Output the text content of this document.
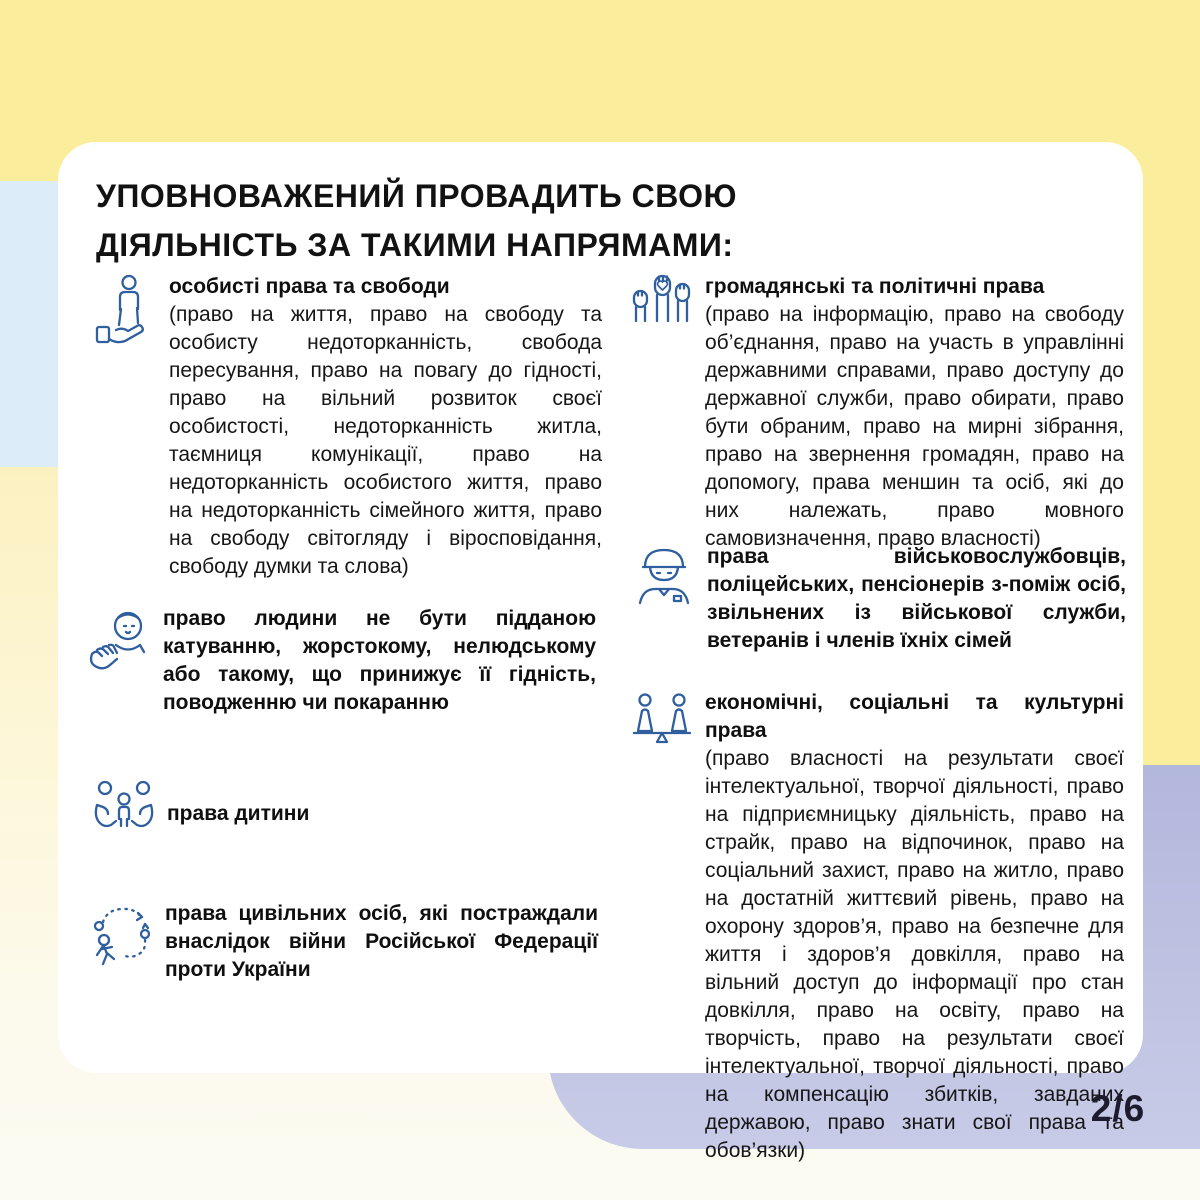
УПОВНОВАЖЕНИЙ ПРОВАДИТЬ СВОЮ
ДІЯЛЬНІСТЬ ЗА ТАКИМИ НАПРЯМАМИ:
особисті права та свободи
(право на життя, право на свободу та особисту недоторканність, свобода пересування, право на повагу до гідності, право на вільний розвиток своєї особистості, недоторканність житла, таємниця комунікації, право на недоторканність особистого життя, право на недоторканність сімейного життя, право на свободу світогляду і віросповідання, свободу думки та слова)
право людини не бути підданою катуванню, жорстокому, нелюдському або такому, що принижує її гідність, поводженню чи покаранню
права дитини
права цивільних осіб, які постраждали внаслідок війни Російської Федерації проти України
громадянські та політичні права
(право на інформацію, право на свободу об’єднання, право на участь в управлінні державними справами, право доступу до державної служби, право обирати, право бути обраним, право на мирні зібрання, право на звернення громадян, право на допомогу, права меншин та осіб, які до них належать, право мовного самовизначення, право власності)
права військовослужбовців, поліцейських, пенсіонерів з-поміж осіб, звільнених із військової служби, ветеранів і членів їхніх сімей
економічні, соціальні та культурні права
(право власності на результати своєї інтелектуальної, творчої діяльності, право на підприємницьку діяльність, право на страйк, право на відпочинок, право на соціальний захист, право на житло, право на достатній життєвий рівень, право на охорону здоров’я, право на безпечне для життя і здоров’я довкілля, право на вільний доступ до інформації про стан довкілля, право на освіту, право на творчість, право на результати своєї інтелектуальної, творчої діяльності, право на компенсацію збитків, завданих державою, право знати свої права та обов’язки)
2/6
